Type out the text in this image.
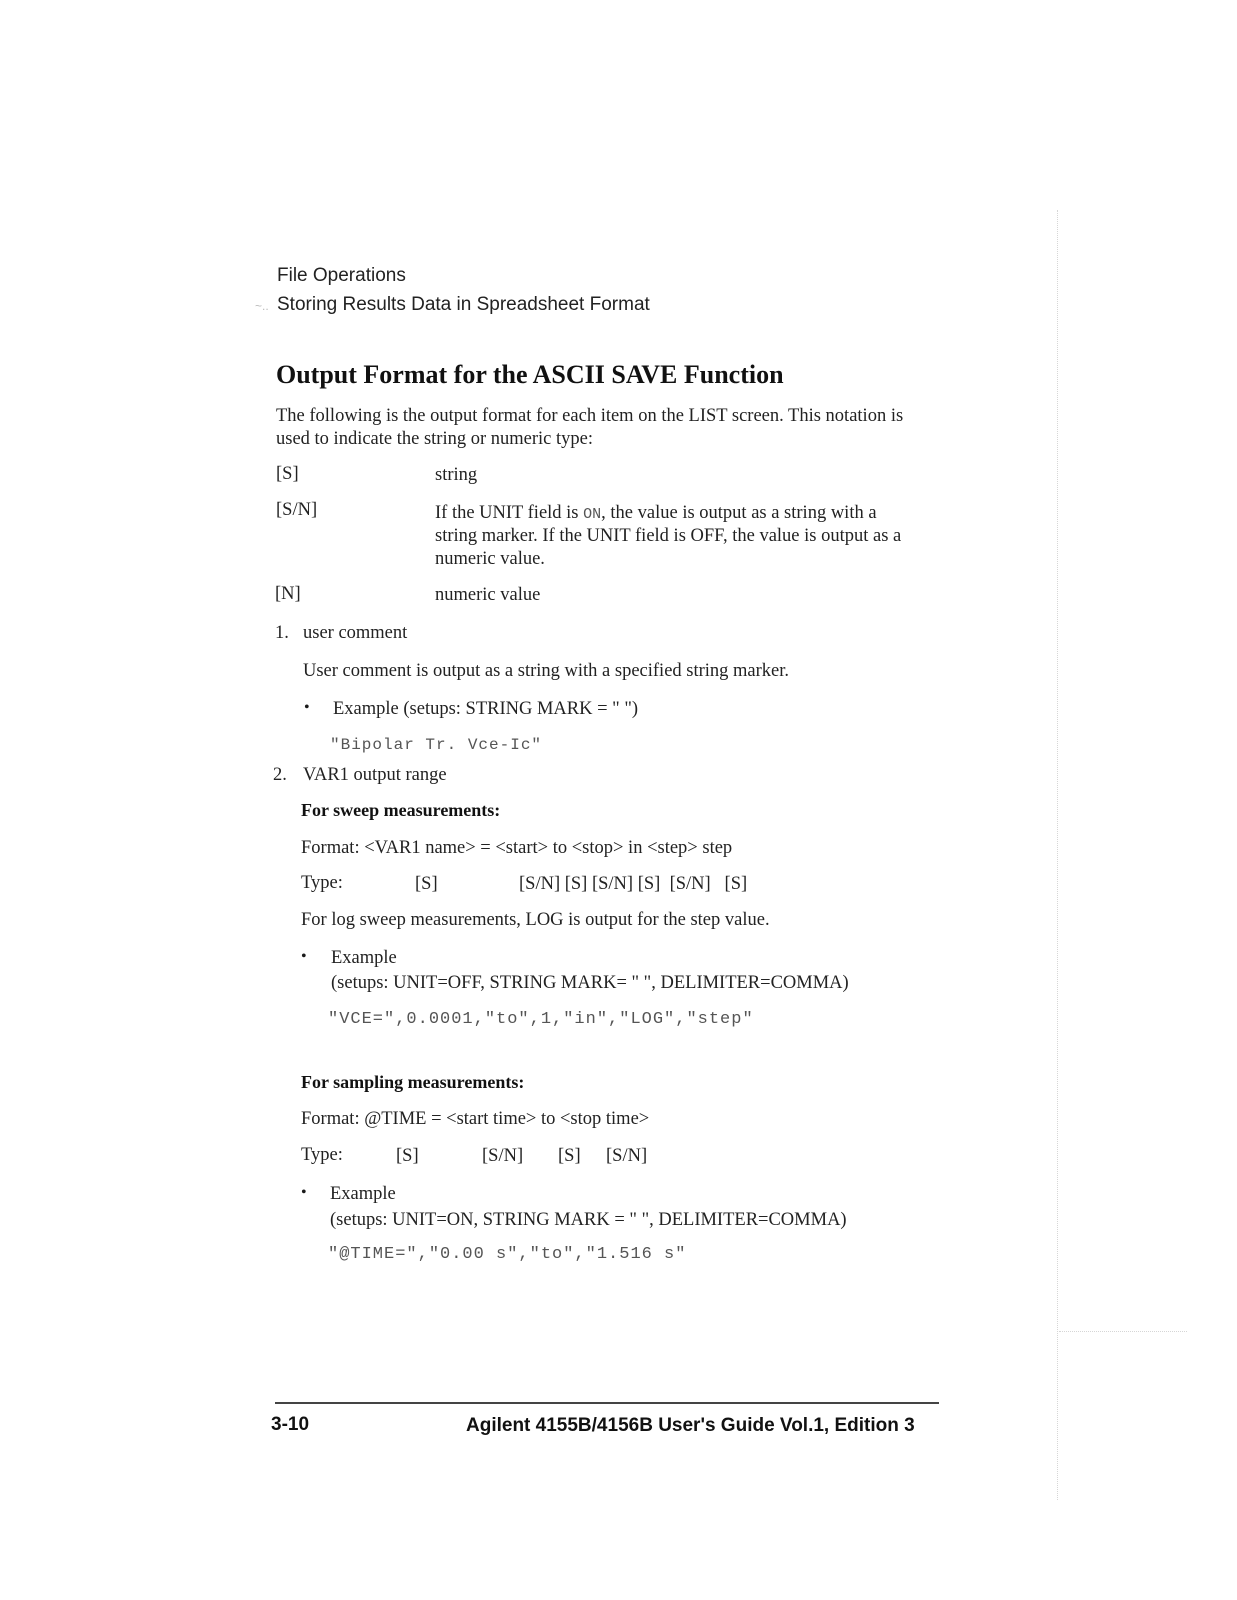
File Operations
~.. Storing Results Data in Spreadsheet Format
Output Format for the ASCII SAVE Function
The following is the output format for each item on the LIST screen. This notation is
used to indicate the string or numeric type:
[S]	string
[S/N]	If the UNIT field is ON, the value is output as a string with a
string marker. If the UNIT field is OFF, the value is output as a
numeric value.
[N]	numeric value
1. user comment
User comment is output as a string with a specified string marker.
• Example (setups: STRING MARK = " ")
"Bipolar Tr. Vce-Ic"
2. VAR1 output range
For sweep measurements:
Format: <VAR1 name> = <start> to <stop> in <step> step
Type:	[S]	[S/N] [S] [S/N] [S]  [S/N]   [S]
For log sweep measurements, LOG is output for the step value.
• Example
(setups: UNIT=OFF, STRING MARK= " ", DELIMITER=COMMA)
"VCE=",0.0001,"to",1,"in","LOG","step"
For sampling measurements:
Format: @TIME = <start time> to <stop time>
Type:	[S]	[S/N] [S] [S/N]
• Example
(setups: UNIT=ON, STRING MARK = " ", DELIMITER=COMMA)
"@TIME=","0.00 s","to","1.516 s"
3-10	Agilent 4155B/4156B User's Guide Vol.1, Edition 3
